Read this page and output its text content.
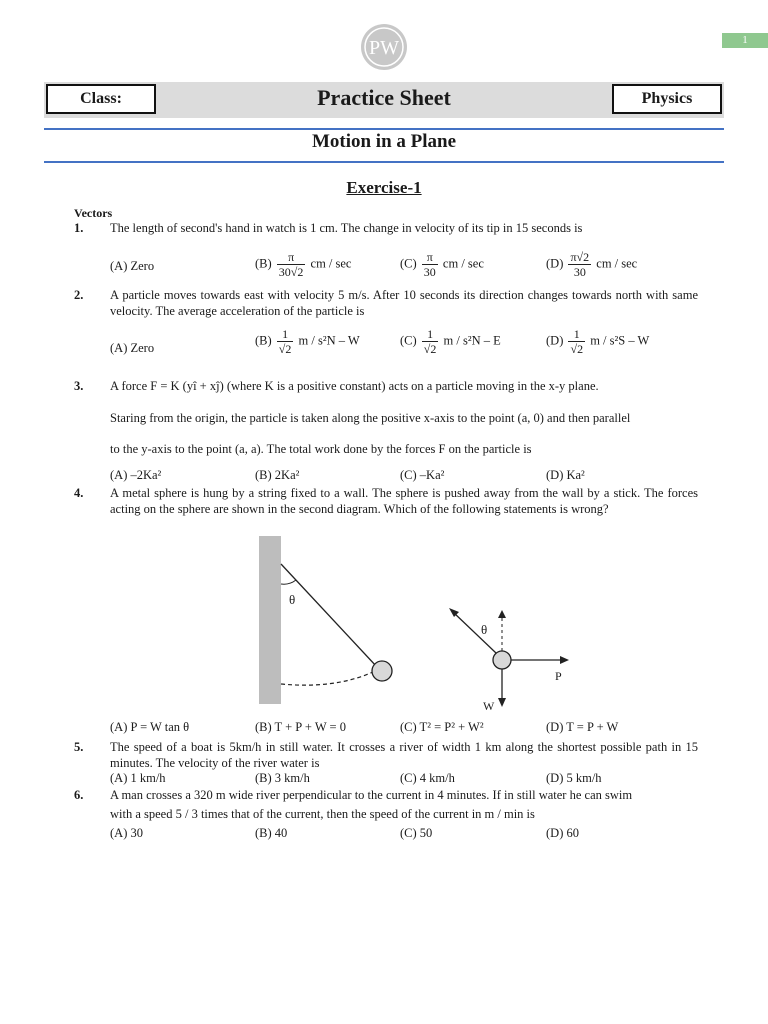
1
PW
Class:	Practice Sheet	Physics
Motion in a Plane
Exercise-1
Vectors
1. The length of second's hand in watch is 1 cm. The change in velocity of its tip in 15 seconds is
(A) Zero	$(B) \frac{\pi}{30√2}$ cm / sec	$(C) \frac{\pi}{30}$ cm / sec	$(D) \frac{\pi√2}{30}$ cm / sec
2. A particle moves towards east with velocity 5 m/s. After 10 seconds its direction changes towards north with same velocity. The average acceleration of the particle is
(A) Zero
$(B) \frac{1}{√2}$ m / s²N – W	$(C) \frac{1}{√2}$ m / s²N – E	$(D) \frac{1}{√2}$ m / s²S – W
3. A force F = K (yî + xĵ) (where K is a positive constant) acts on a particle moving in the x-y plane.
Staring from the origin, the particle is taken along the positive x-axis to the point (a, 0) and then parallel
to the y-axis to the point (a, a). The total work done by the forces F on the particle is
(A) –2Ka²	(B) 2Ka²	(C) –Ka²	(D) Ka²
4. A metal sphere is hung by a string fixed to a wall. The sphere is pushed away from the wall by a stick. The forces acting on the sphere are shown in the second diagram. Which of the following statements is wrong?
θ
θ
P
W
(A) P = W tan θ	(B) T + P + W = 0	(C) T² = P² + W²	(D) T = P + W
5. The speed of a boat is 5km/h in still water. It crosses a river of width 1 km along the shortest possible path in 15 minutes. The velocity of the river water is
(A) 1 km/h	(B) 3 km/h	(C) 4 km/h	(D) 5 km/h
6. A man crosses a 320 m wide river perpendicular to the current in 4 minutes. If in still water he can swim
with a speed 5 / 3 times that of the current, then the speed of the current in m / min is
(A) 30	(B) 40	(C) 50	(D) 60
